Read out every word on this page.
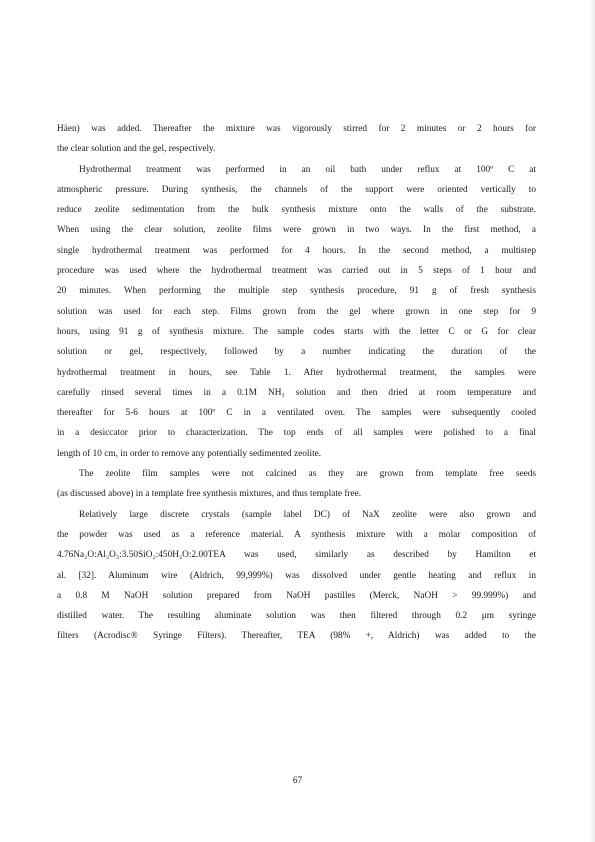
Häen) was added. Thereafter the mixture was vigorously stirred for 2 minutes or 2 hours for
the clear solution and the gel, respectively.

Hydrothermal treatment was performed in an oil bath under reflux at 100º C at
atmospheric pressure. During synthesis, the channels of the support were oriented vertically to
reduce zeolite sedimentation from the bulk synthesis mixture onto the walls of the substrate.
When using the clear solution, zeolite films were grown in two ways. In the first method, a
single hydrothermal treatment was performed for 4 hours. In the second method, a multistep
procedure was used where the hydrothermal treatment was carried out in 5 steps of 1 hour and
20 minutes. When performing the multiple step synthesis procedure, 91 g of fresh synthesis
solution was used for each step. Films grown from the gel where grown in one step for 9
hours, using 91 g of synthesis mixture. The sample codes starts with the letter C or G for clear
solution or gel, respectively, followed by a number indicating the duration of the
hydrothermal treatment in hours, see Table 1. After hydrothermal treatment, the samples were
carefully rinsed several times in a 0.1M NH₃ solution and then dried at room temperature and
thereafter for 5-6 hours at 100º C in a ventilated oven. The samples were subsequently cooled
in a desiccator prior to characterization. The top ends of all samples were polished to a final
length of 10 cm, in order to remove any potentially sedimented zeolite.

The zeolite film samples were not calcined as they are grown from template free seeds
(as discussed above) in a template free synthesis mixtures, and thus template free.

Relatively large discrete crystals (sample label DC) of NaX zeolite were also grown and
the powder was used as a reference material. A synthesis mixture with a molar composition of
4.76Na₂O:Al₂O₃:3.50SiO₂:450H₂O:2.00TEA was used, similarly as described by Hamilton et
al. [32]. Aluminum wire (Aldrich, 99,999%) was dissolved under gentle heating and reflux in
a 0.8 M NaOH solution prepared from NaOH pastilles (Merck, NaOH > 99.999%) and
distilled water. The resulting aluminate solution was then filtered through 0.2 μm syringe
filters (Acrodisc® Syringe Filters). Thereafter, TEA (98% +, Aldrich) was added to the

67
